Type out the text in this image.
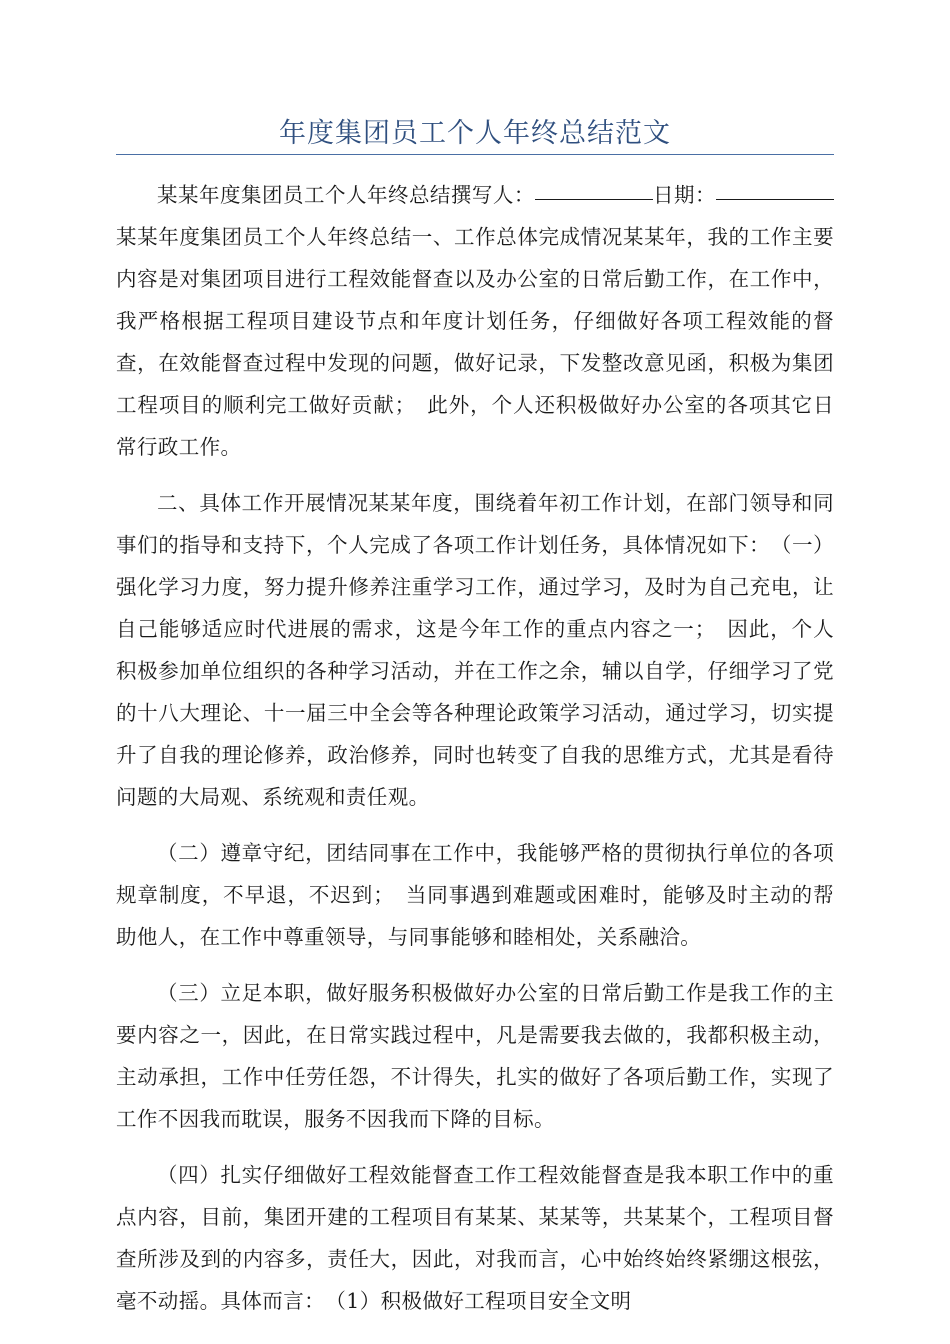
年度集团员工个人年终总结范文

某某年度集团员工个人年终总结撰写人：	日期：某某年度集团员工个人年终总结一、工作总体完成情况某某年，我的工作主要内容是对集团项目进行工程效能督查以及办公室的日常后勤工作，在工作中，我严格根据工程项目建设节点和年度计划任务，仔细做好各项工程效能的督查，在效能督查过程中发现的问题，做好记录，下发整改意见函，积极为集团工程项目的顺利完工做好贡献；　此外，个人还积极做好办公室的各项其它日常行政工作。

二、具体工作开展情况某某年度，围绕着年初工作计划，在部门领导和同事们的指导和支持下，个人完成了各项工作计划任务，具体情况如下：　（一）强化学习力度，努力提升修养注重学习工作，通过学习，及时为自己充电，让自己能够适应时代进展的需求，这是今年工作的重点内容之一；　因此，个人积极参加单位组织的各种学习活动，并在工作之余，辅以自学，仔细学习了党的十八大理论、十一届三中全会等各种理论政策学习活动，通过学习，切实提升了自我的理论修养，政治修养，同时也转变了自我的思维方式，尤其是看待问题的大局观、系统观和责任观。

（二）遵章守纪，团结同事在工作中，我能够严格的贯彻执行单位的各项规章制度，不早退，不迟到；　当同事遇到难题或困难时，能够及时主动的帮助他人，在工作中尊重领导，与同事能够和睦相处，关系融洽。

（三）立足本职，做好服务积极做好办公室的日常后勤工作是我工作的主要内容之一，因此，在日常实践过程中，凡是需要我去做的，我都积极主动，主动承担，工作中任劳任怨，不计得失，扎实的做好了各项后勤工作，实现了工作不因我而耽误，服务不因我而下降的目标。

（四）扎实仔细做好工程效能督查工作工程效能督查是我本职工作中的重点内容，目前，集团开建的工程项目有某某、某某等，共某某个，工程项目督查所涉及到的内容多，责任大，因此，对我而言，心中始终始终紧绷这根弦，毫不动摇。具体而言：　（1）积极做好工程项目安全文明
